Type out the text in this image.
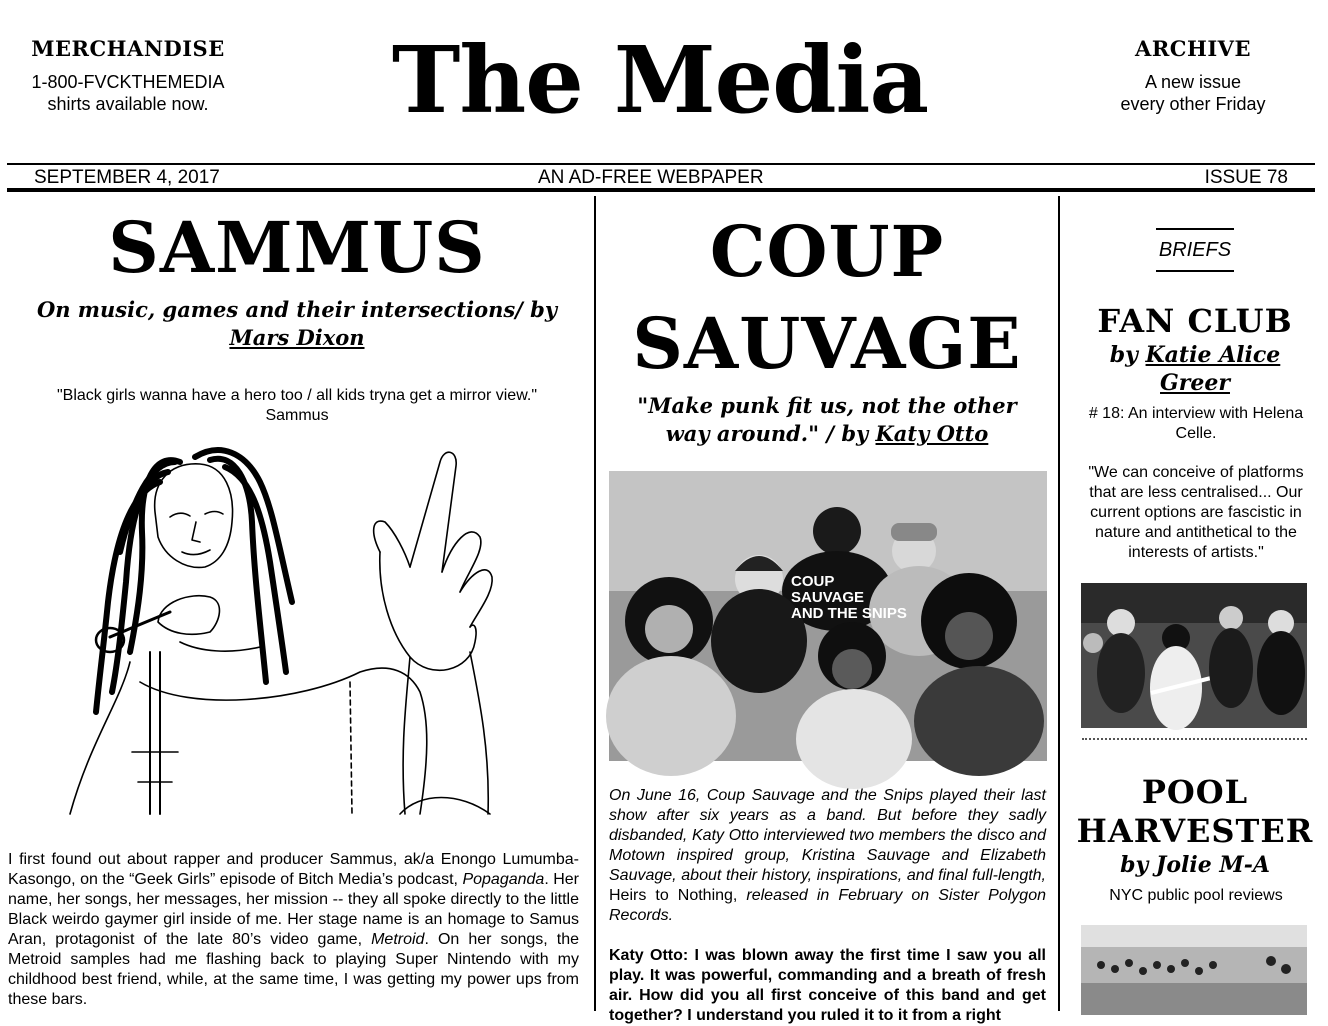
MERCHANDISE
1-800-FVCKTHEMEDIA
shirts available now.	The Media	ARCHIVE
A new issue
every other Friday
SEPTEMBER 4, 2017	AN AD-FREE WEBPAPER	ISSUE 78
SAMMUS
On music, games and their intersections/ by
Mars Dixon
"Black girls wanna have a hero too / all kids tryna get a mirror view."
Sammus

I first found out about rapper and producer Sammus, ak/a Enongo Lumumba-Kasongo, on the “Geek Girls” episode of Bitch Media’s podcast, Popaganda. Her name, her songs, her messages, her mission -- they all spoke directly to the little Black weirdo gaymer girl inside of me. Her stage name is an homage to Samus Aran, protagonist of the late 80’s video game, Metroid. On her songs, the Metroid samples had me flashing back to playing Super Nintendo with my childhood best friend, while, at the same time, I was getting my power ups from these bars.

COUP
SAUVAGE
"Make punk fit us, not the other way around." / by Katy Otto
COUP SAUVAGE AND THE SNIPS

On June 16, Coup Sauvage and the Snips played their last show after six years as a band. But before they sadly disbanded, Katy Otto interviewed two members the disco and Motown inspired group, Kristina Sauvage and Elizabeth Sauvage, about their history, inspirations, and final full-length, Heirs to Nothing, released in February on Sister Polygon Records.

Katy Otto: I was blown away the first time I saw you all play. It was powerful, commanding and a breath of fresh air. How did you all first conceive of this band and get together? I understand you ruled it to it from a right

BRIEFS
FAN CLUB
by Katie Alice
Greer
# 18: An interview with Helena Celle.
"We can conceive of platforms that are less centralised... Our current options are fascistic in nature and antithetical to the interests of artists."
POOL
HARVESTER
by Jolie M-A
NYC public pool reviews
